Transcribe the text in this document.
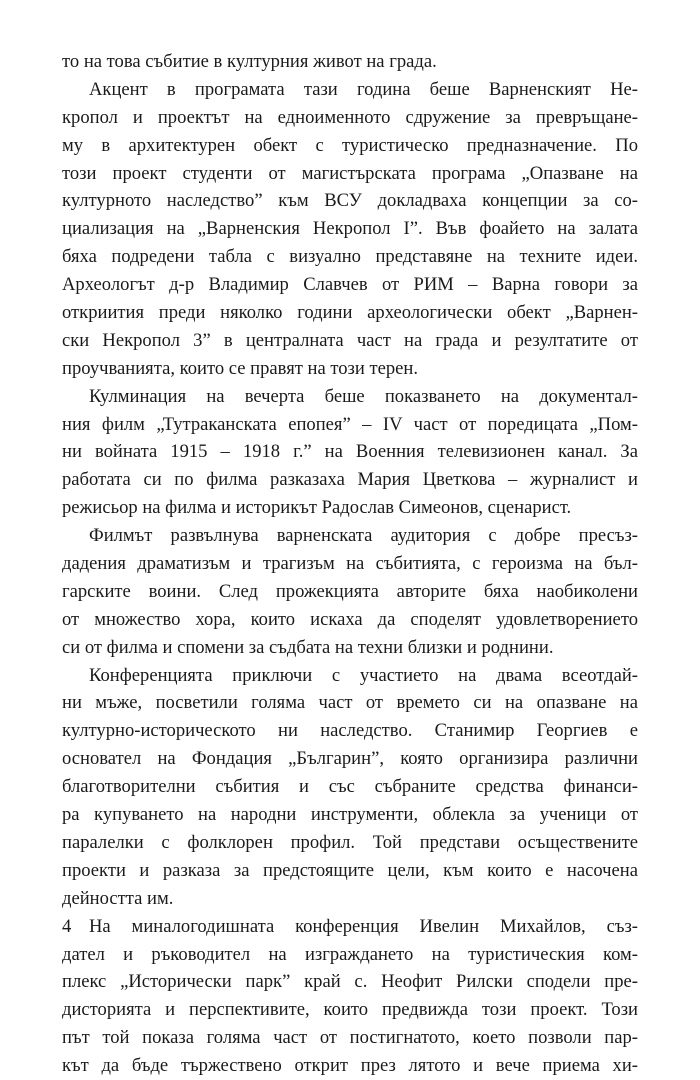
то на това събитие в културния живот на града.
Акцент в програмата тази година беше Варненският Не-
кропол и проектът на едноименното сдружение за превръщане-
му в архитектурен обект с туристическо предназначение. По
този проект студенти от магистърската програма „Опазване на
културното наследство” към ВСУ докладваха концепции за со-
циализация на „Варненския Некропол I”. Във фоайето на залата
бяха подредени табла с визуално представяне на техните идеи.
Археологът д-р Владимир Славчев от РИМ – Варна говори за
откриития преди няколко години археологически обект „Варнен-
ски Некропол 3” в централната част на града и резултатите от
проучванията, които се правят на този терен.
Кулминация на вечерта беше показването на документал-
ния филм „Тутраканската епопея” – IV част от поредицата „Пом-
ни войната 1915 – 1918 г.” на Военния телевизионен канал. За
работата си по филма разказаха Мария Цветкова – журналист и
режисьор на филма и историкът Радослав Симеонов, сценарист.
Филмът развълнува варненската аудитория с добре пресъз-
дадения драматизъм и трагизъм на събитията, с героизма на бъл-
гарските воини. След прожекцията авторите бяха наобиколени
от множество хора, които искаха да споделят удовлетворението
си от филма и спомени за съдбата на техни близки и роднини.
Конференцията приключи с участието на двама всеотдай-
ни мъже, посветили голяма част от времето си на опазване на
културно-историческото ни наследство. Станимир Георгиев е
основател на Фондация „Българин”, която организира различни
благотворителни събития и със събраните средства финанси-
ра купуването на народни инструменти, облекла за ученици от
паралелки с фолклорен профил. Той представи осъществените
проекти и разказа за предстоящите цели, към които е насочена
дейността им.
На миналогодишната конференция Ивелин Михайлов, съз-
дател и ръководител на изграждането на туристическия ком-
плекс „Исторически парк” край с. Неофит Рилски сподели пре-
дисторията и перспективите, които предвижда този проект. Този
път той показа голяма част от постигнатото, което позволи пар-
кът да бъде тържествено открит през лятото и вече приема хи-
4
